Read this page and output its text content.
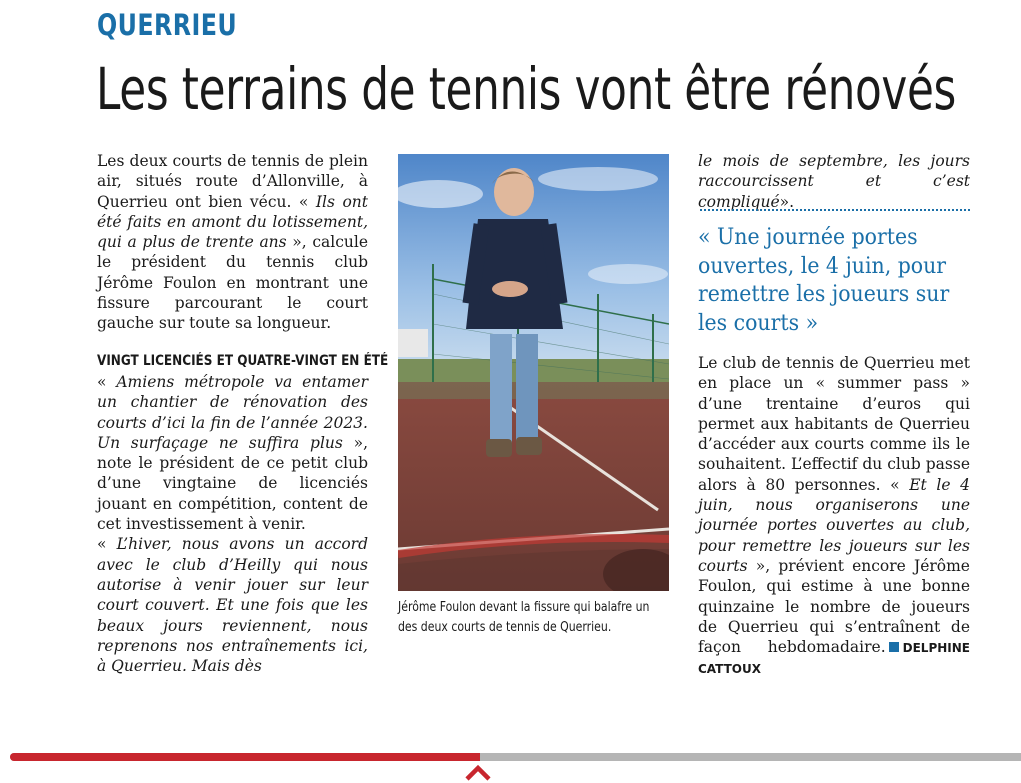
QUERRIEU
Les terrains de tennis vont être rénovés

Les deux courts de tennis de plein air, situés route d’Allonville, à Querrieu ont bien vécu. « Ils ont été faits en amont du lotissement, qui a plus de trente ans », calcule le président du tennis club Jérôme Foulon en montrant une fissure parcourant le court gauche sur toute sa longueur.

VINGT LICENCIÉS ET QUATRE-VINGT EN ÉTÉ

« Amiens métropole va entamer un chantier de rénovation des courts d’ici la fin de l’année 2023. Un surfaçage ne suffira plus », note le président de ce petit club d’une vingtaine de licenciés jouant en compétition, content de cet investissement à venir.

« L’hiver, nous avons un accord avec le club d’Heilly qui nous autorise à venir jouer sur leur court couvert. Et une fois que les beaux jours reviennent, nous reprenons nos entraînements ici, à Querrieu. Mais dès

Jérôme Foulon devant la fissure qui balafre un des deux courts de tennis de Querrieu.

le mois de septembre, les jours raccourcissent et c’est compliqué».

« Une journée portes ouvertes, le 4 juin, pour remettre les joueurs sur les courts »

Le club de tennis de Querrieu met en place un « summer pass » d’une trentaine d’euros qui permet aux habitants de Querrieu d’accéder aux courts comme ils le souhaitent. L’effectif du club passe alors à 80 personnes. « Et le 4 juin, nous organiserons une journée portes ouvertes au club, pour remettre les joueurs sur les courts », prévient encore Jérôme Foulon, qui estime à une bonne quinzaine le nombre de joueurs de Querrieu qui s’entraînent de façon hebdomadaire. DELPHINE CATTOUX
